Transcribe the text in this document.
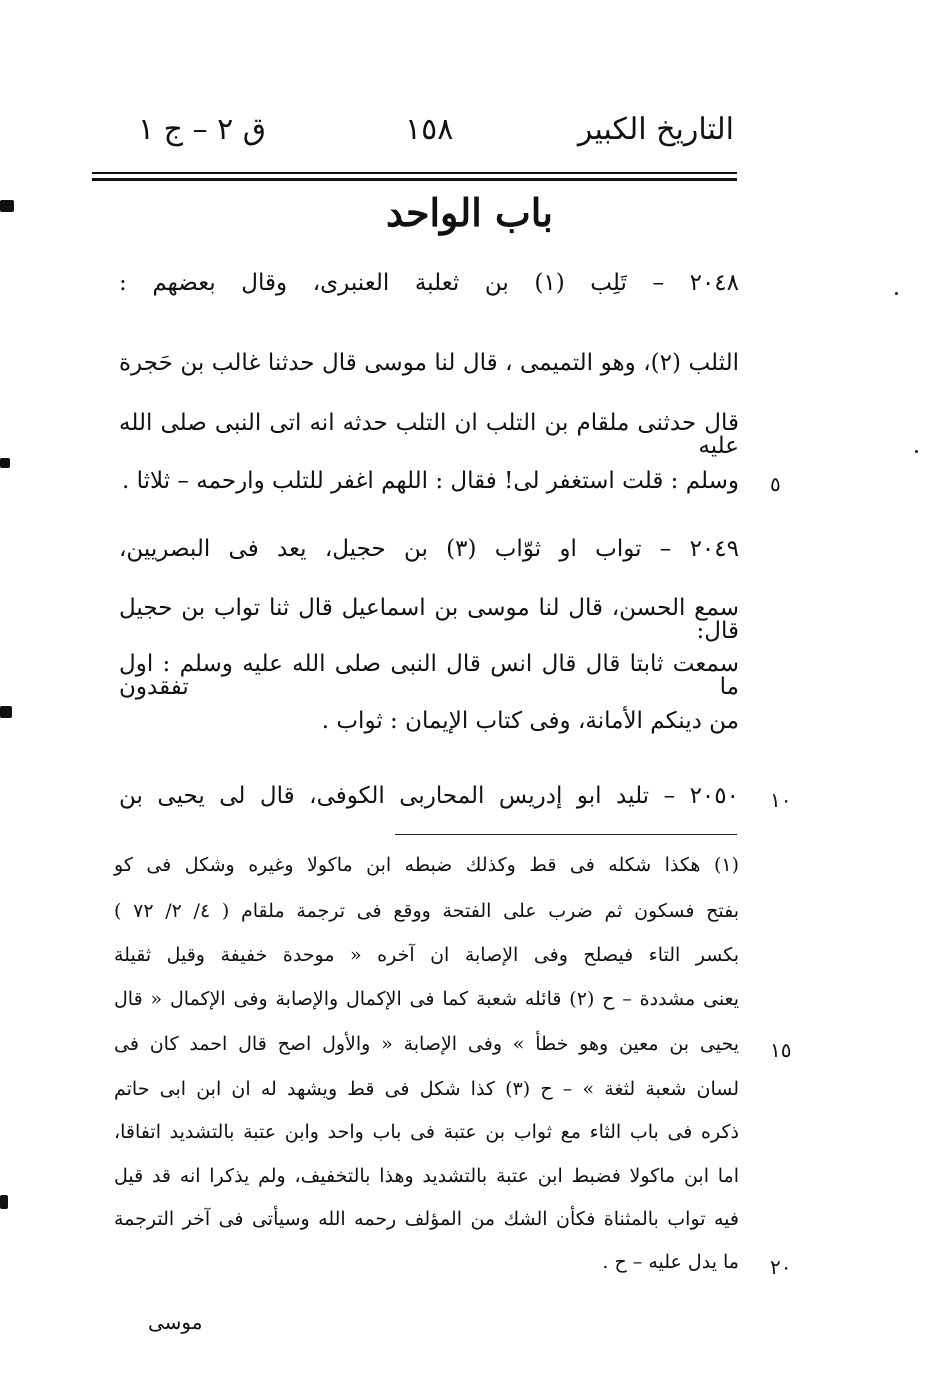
التاريخ الكبير
١٥٨
ق ٢ – ج ١
باب الواحد
٢٠٤٨ – تَلِب (١) بن ثعلبة العنبرى، وقال بعضهم :
الثلب (٢)، وهو التميمى ، قال لنا موسى قال حدثنا غالب بن حَجرة
قال حدثنى ملقام بن التلب ان التلب حدثه انه اتى النبى صلى الله عليه
وسلم : قلت استغفر لى! فقال : اللهم اغفر للتلب وارحمه – ثلاثا .
٢٠٤٩ – تواب او ثوّاب (٣) بن حجيل، يعد فى البصريين،
سمع الحسن، قال لنا موسى بن اسماعيل قال ثنا تواب بن حجيل قال:
سمعت ثابتا قال قال انس قال النبى صلى الله عليه وسلم : اول ما تفقدون
من دينكم الأمانة، وفى كتاب الإيمان : ثواب .
٢٠٥٠ – تليد ابو إدريس المحاربى الكوفى، قال لى يحيى بن
(١) هكذا شكله فى قط وكذلك ضبطه ابن ماكولا وغيره وشكل فى كو
بفتح فسكون ثم ضرب على الفتحة ووقع فى ترجمة ملقام ( ٤/ ٢/ ٧٢ )
بكسر التاء فيصلح وفى الإصابة ان آخره « موحدة خفيفة وقيل ثقيلة
يعنى مشددة – ح (٢) قائله شعبة كما فى الإكمال والإصابة وفى الإكمال « قال
يحيى بن معين وهو خطأ » وفى الإصابة « والأول اصح قال احمد كان فى
لسان شعبة لثغة » – ح (٣) كذا شكل فى قط ويشهد له ان ابن ابى حاتم
ذكره فى باب الثاء مع ثواب بن عتبة فى باب واحد وابن عتبة بالتشديد اتفاقا،
اما ابن ماكولا فضبط ابن عتبة بالتشديد وهذا بالتخفيف، ولم يذكرا انه قد قيل
فيه تواب بالمثناة فكأن الشك من المؤلف رحمه الله وسيأتى فى آخر الترجمة
ما يدل عليه – ح .
٥
١٠
١٥
٢٠
موسى
